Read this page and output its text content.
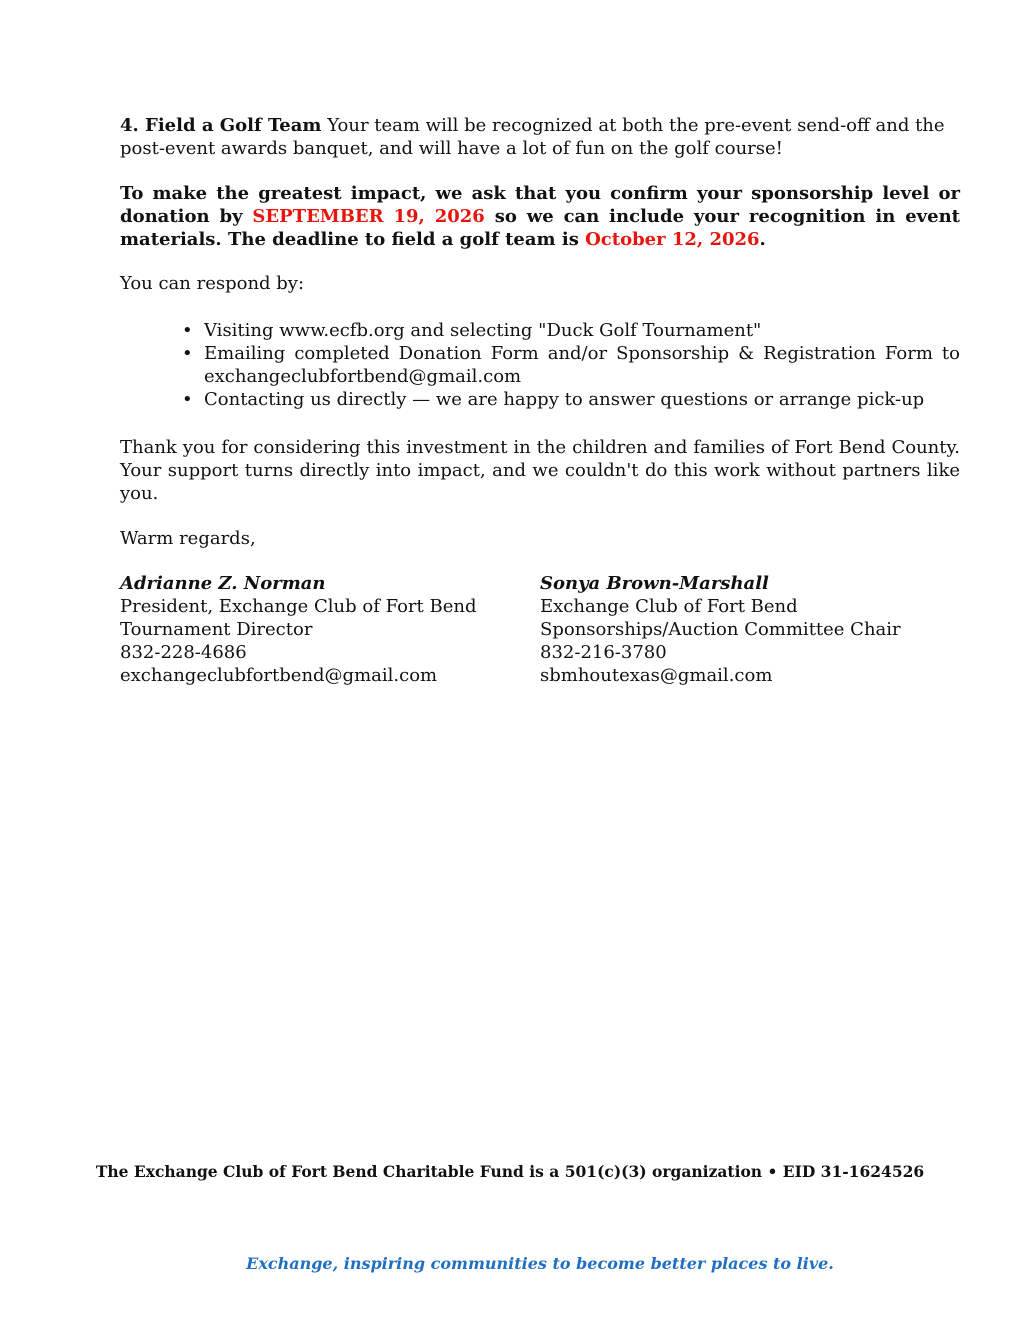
4. Field a Golf Team Your team will be recognized at both the pre-event send-off and the post-event awards banquet, and will have a lot of fun on the golf course!

To make the greatest impact, we ask that you confirm your sponsorship level or donation by SEPTEMBER 19, 2026 so we can include your recognition in event materials. The deadline to field a golf team is October 12, 2026.

You can respond by:

• Visiting www.ecfb.org and selecting "Duck Golf Tournament"
• Emailing completed Donation Form and/or Sponsorship & Registration Form to exchangeclubfortbend@gmail.com
• Contacting us directly — we are happy to answer questions or arrange pick-up

Thank you for considering this investment in the children and families of Fort Bend County. Your support turns directly into impact, and we couldn't do this work without partners like you.

Warm regards,

Adrianne Z. Norman
President, Exchange Club of Fort Bend
Tournament Director
832-228-4686
exchangeclubfortbend@gmail.com
Sonya Brown-Marshall
Exchange Club of Fort Bend
Sponsorships/Auction Committee Chair
832-216-3780
sbmhoutexas@gmail.com
The Exchange Club of Fort Bend Charitable Fund is a 501(c)(3) organization • EID 31-1624526
Exchange, inspiring communities to become better places to live.
